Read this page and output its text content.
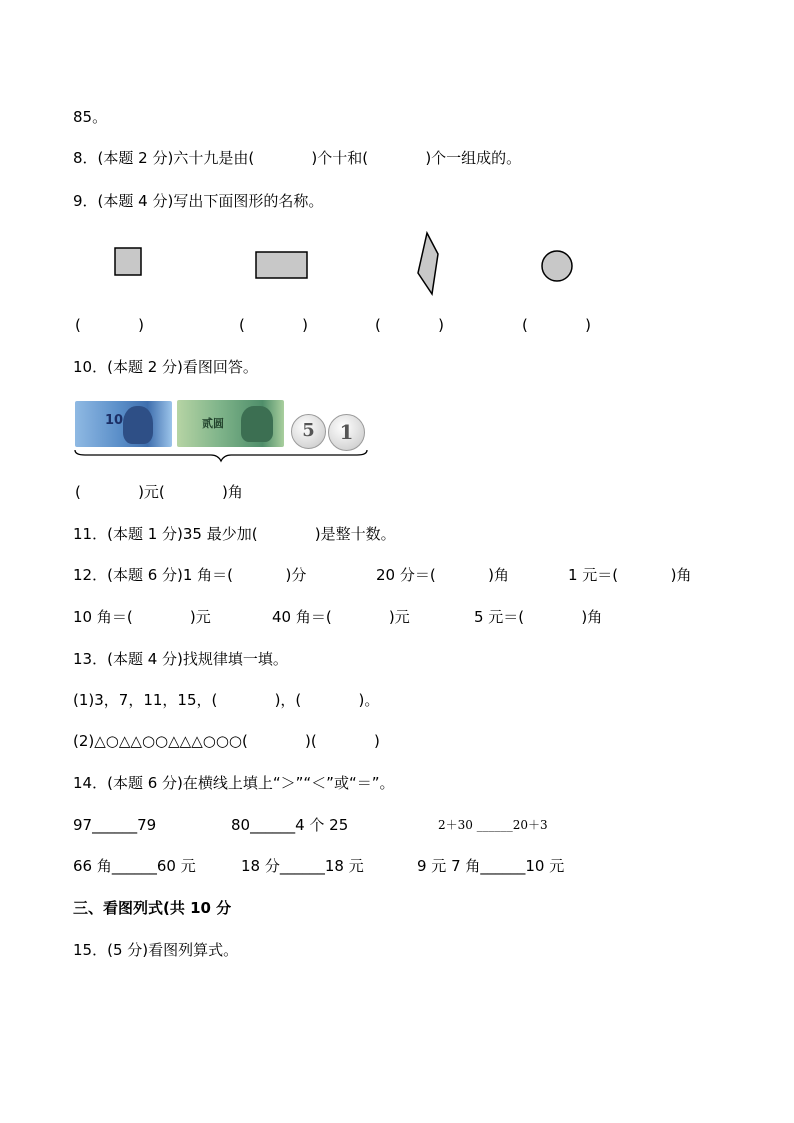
85。
8．(本题 2 分)六十九是由(            )个十和(            )个一组成的。
9．(本题 4 分)写出下面图形的名称。
(            )	(            )	(            )	(            )
10．(本题 2 分)看图回答。
10	贰圆	5	1
(            )元(            )角
11．(本题 1 分)35 最少加(            )是整十数。
12．(本题 6 分)1 角＝(           )分	20 分＝(           )角	1 元＝(           )角
10 角＝(            )元	40 角＝(            )元	5 元＝(            )角
13．(本题 4 分)找规律填一填。
(1)3，7，11，15，(            )，(            )。
(2)△○△△○○△△△○○○(            )(            )
14．(本题 6 分)在横线上填上“＞”“＜”或“＝”。
97______79	80______4 个 25	2＋30 ______20＋3
66 角______60 元	18 分______18 元	9 元 7 角______10 元
三、看图列式(共 10 分
15．(5 分)看图列算式。
